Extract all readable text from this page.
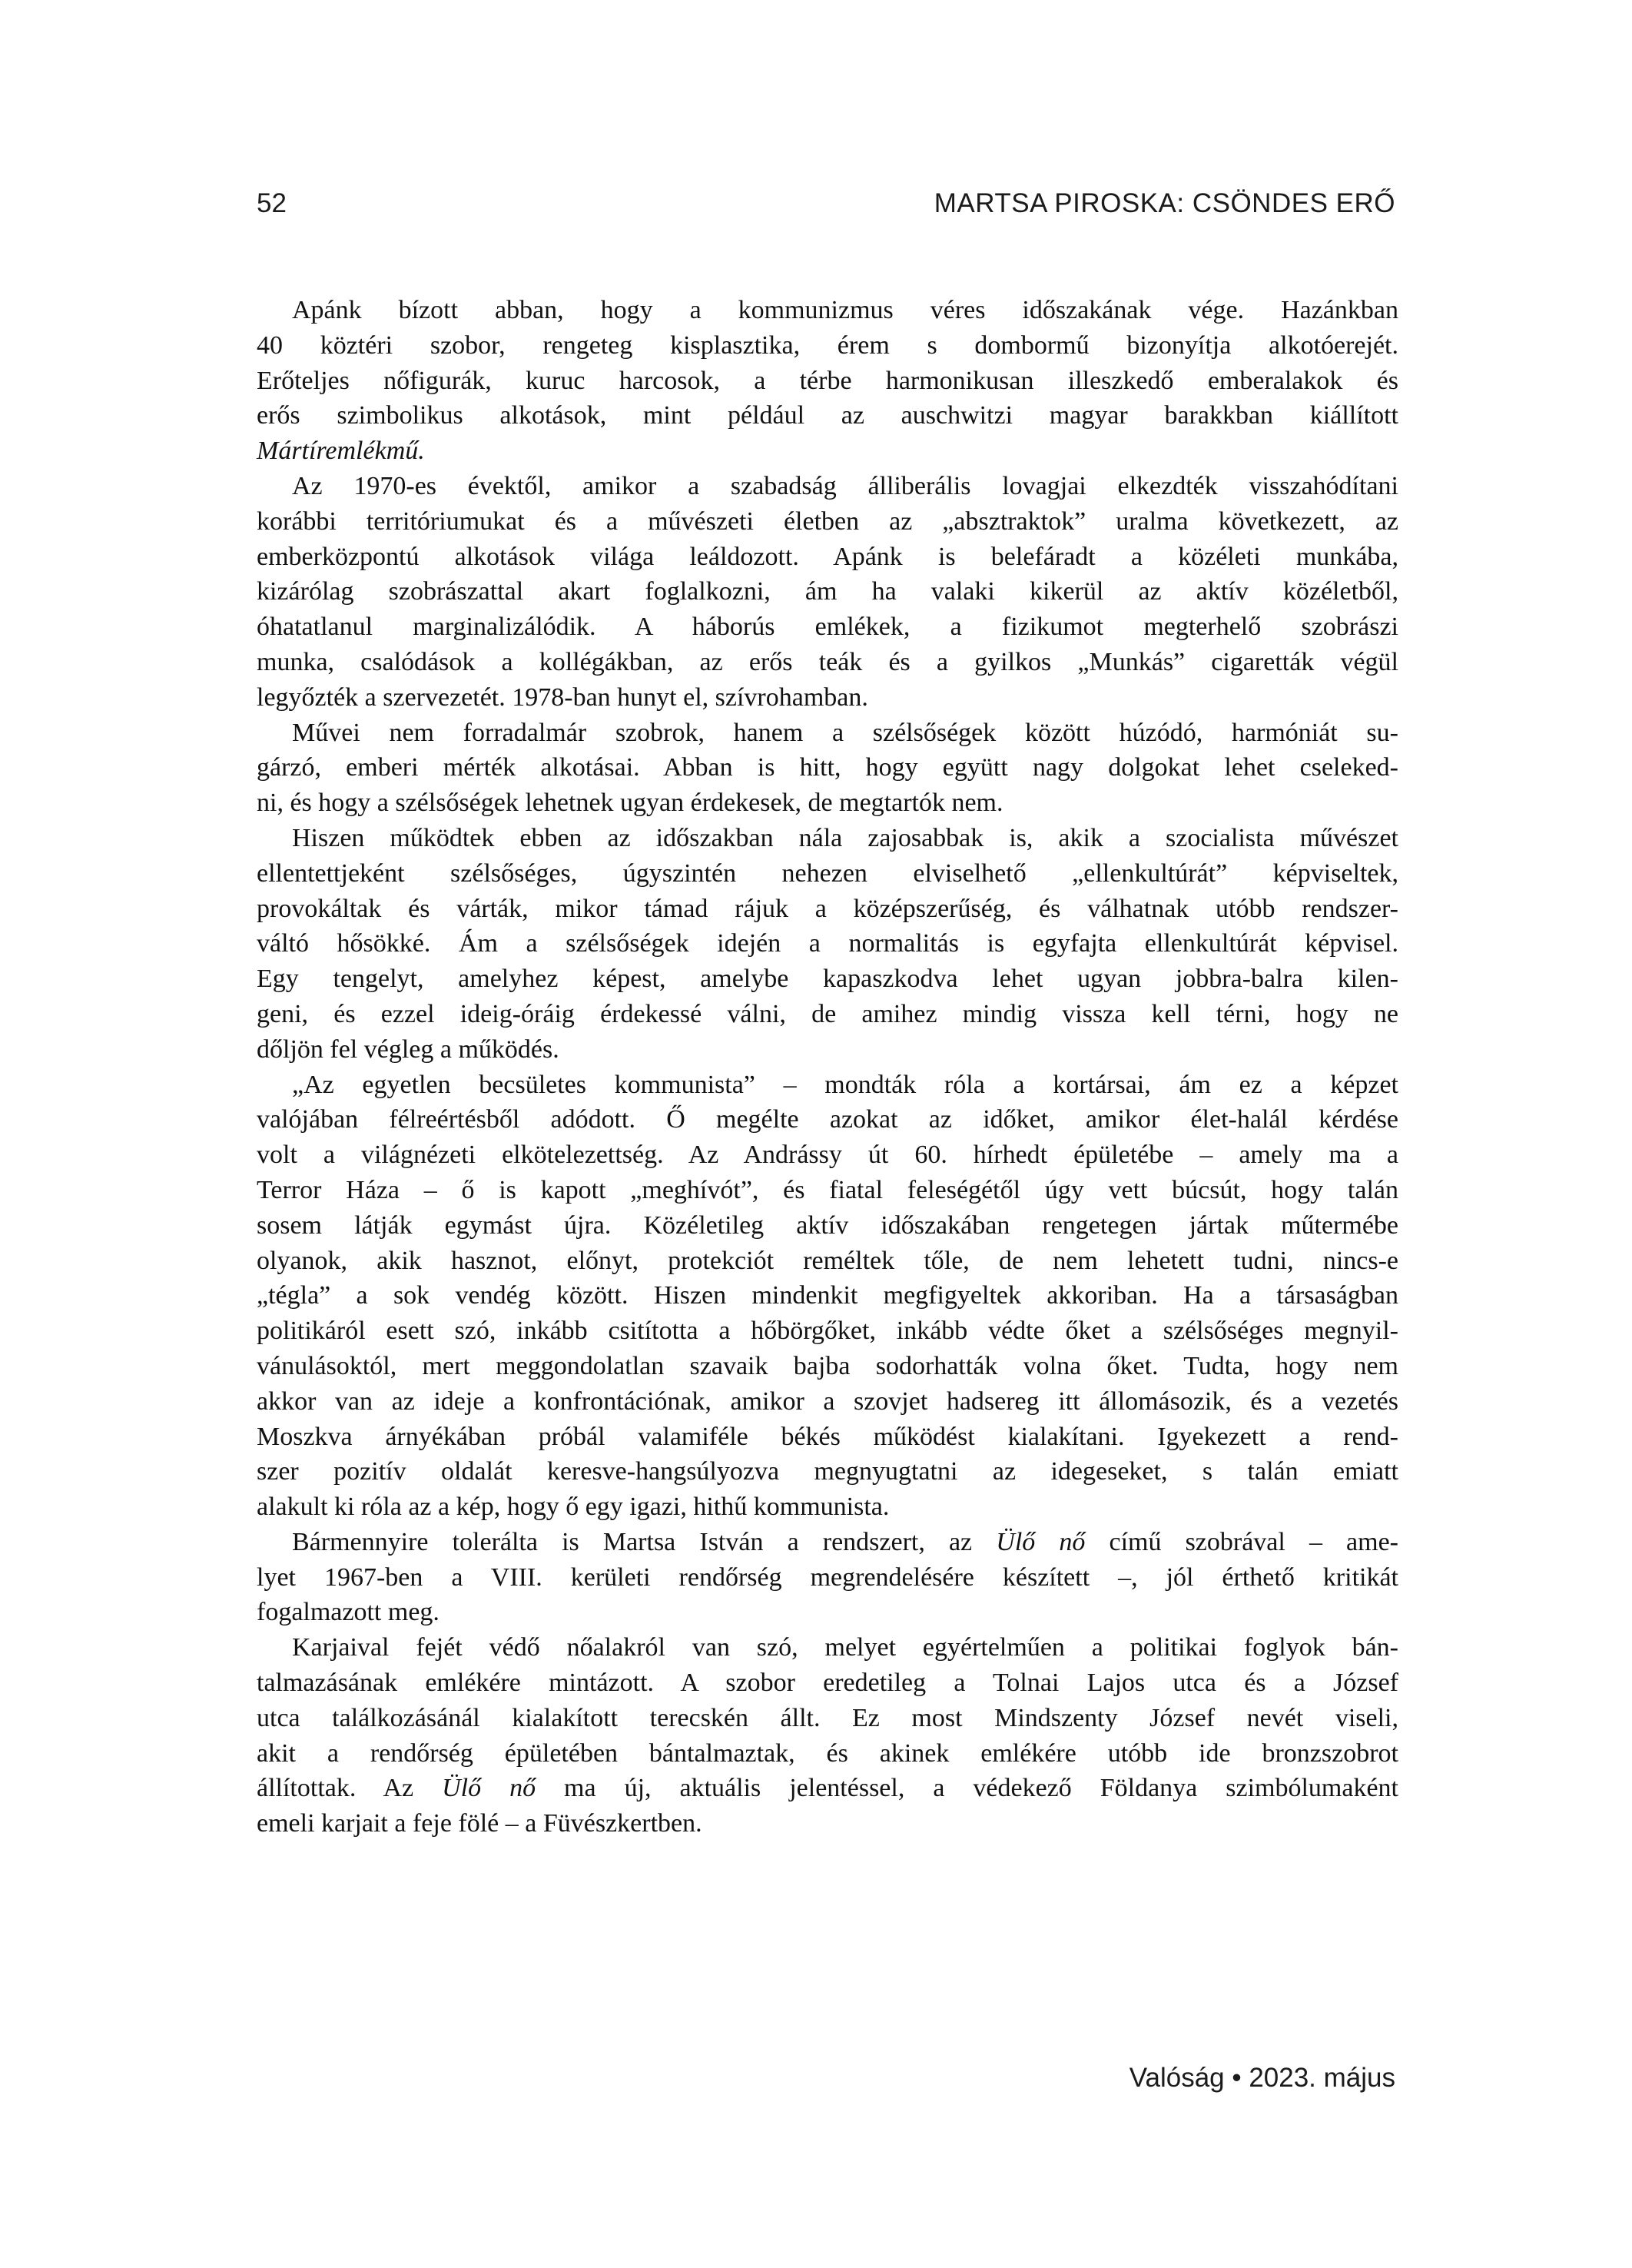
52	MARTSA PIROSKA: CSÖNDES ERŐ
Apánk bízott abban, hogy a kommunizmus véres időszakának vége. Hazánkban
40 köztéri szobor, rengeteg kisplasztika, érem s dombormű bizonyítja alkotóerejét.
Erőteljes nőfigurák, kuruc harcosok, a térbe harmonikusan illeszkedő emberalakok és
erős szimbolikus alkotások, mint például az auschwitzi magyar barakkban kiállított
Mártíremlékmű.
Az 1970-es évektől, amikor a szabadság álliberális lovagjai elkezdték visszahódítani
korábbi territóriumukat és a művészeti életben az „absztraktok” uralma következett, az
emberközpontú alkotások világa leáldozott. Apánk is belefáradt a közéleti munkába,
kizárólag szobrászattal akart foglalkozni, ám ha valaki kikerül az aktív közéletből,
óhatatlanul marginalizálódik. A háborús emlékek, a fizikumot megterhelő szobrászi
munka, csalódások a kollégákban, az erős teák és a gyilkos „Munkás” cigaretták végül
legyőzték a szervezetét. 1978-ban hunyt el, szívrohamban.
Művei nem forradalmár szobrok, hanem a szélsőségek között húzódó, harmóniát su-
gárzó, emberi mérték alkotásai. Abban is hitt, hogy együtt nagy dolgokat lehet cseleked-
ni, és hogy a szélsőségek lehetnek ugyan érdekesek, de megtartók nem.
Hiszen működtek ebben az időszakban nála zajosabbak is, akik a szocialista művészet
ellentettjeként szélsőséges, úgyszintén nehezen elviselhető „ellenkultúrát” képviseltek,
provokáltak és várták, mikor támad rájuk a középszerűség, és válhatnak utóbb rendszer-
váltó hősökké. Ám a szélsőségek idején a normalitás is egyfajta ellenkultúrát képvisel.
Egy tengelyt, amelyhez képest, amelybe kapaszkodva lehet ugyan jobbra-balra kilen-
geni, és ezzel ideig-óráig érdekessé válni, de amihez mindig vissza kell térni, hogy ne
dőljön fel végleg a működés.
„Az egyetlen becsületes kommunista” – mondták róla a kortársai, ám ez a képzet
valójában félreértésből adódott. Ő megélte azokat az időket, amikor élet-halál kérdése
volt a világnézeti elkötelezettség. Az Andrássy út 60. hírhedt épületébe – amely ma a
Terror Háza – ő is kapott „meghívót”, és fiatal feleségétől úgy vett búcsút, hogy talán
sosem látják egymást újra. Közéletileg aktív időszakában rengetegen jártak műtermébe
olyanok, akik hasznot, előnyt, protekciót reméltek tőle, de nem lehetett tudni, nincs-e
„tégla” a sok vendég között. Hiszen mindenkit megfigyeltek akkoriban. Ha a társaságban
politikáról esett szó, inkább csitította a hőbörgőket, inkább védte őket a szélsőséges megnyil-
vánulásoktól, mert meggondolatlan szavaik bajba sodorhatták volna őket. Tudta, hogy nem
akkor van az ideje a konfrontációnak, amikor a szovjet hadsereg itt állomásozik, és a vezetés
Moszkva árnyékában próbál valamiféle békés működést kialakítani. Igyekezett a rend-
szer pozitív oldalát keresve-hangsúlyozva megnyugtatni az idegeseket, s talán emiatt
alakult ki róla az a kép, hogy ő egy igazi, hithű kommunista.
Bármennyire tolerálta is Martsa István a rendszert, az Ülő nő című szobrával – ame-
lyet 1967-ben a VIII. kerületi rendőrség megrendelésére készített –, jól érthető kritikát
fogalmazott meg.
Karjaival fejét védő nőalakról van szó, melyet egyértelműen a politikai foglyok bán-
talmazásának emlékére mintázott. A szobor eredetileg a Tolnai Lajos utca és a József
utca találkozásánál kialakított terecskén állt. Ez most Mindszenty József nevét viseli,
akit a rendőrség épületében bántalmaztak, és akinek emlékére utóbb ide bronzszobrot
állítottak. Az Ülő nő ma új, aktuális jelentéssel, a védekező Földanya szimbólumaként
emeli karjait a feje fölé – a Füvészkertben.
Valóság • 2023. május
